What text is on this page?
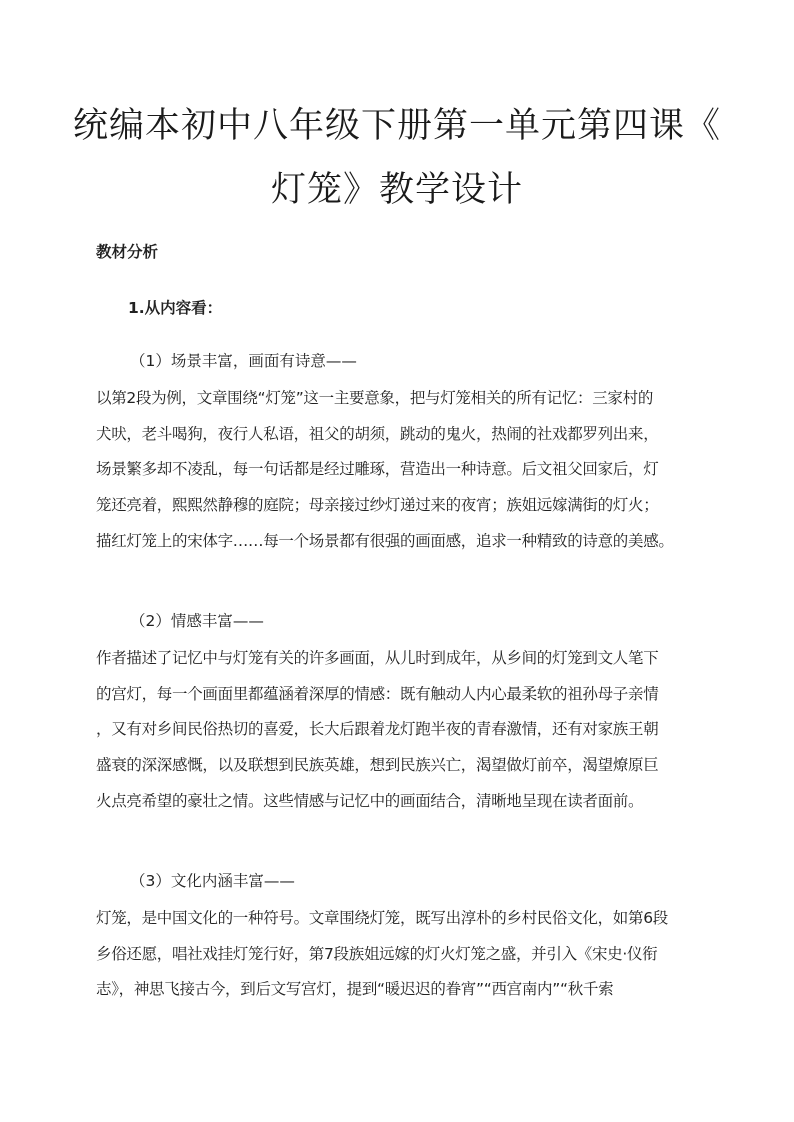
统编本初中八年级下册第一单元第四课《
灯笼》教学设计
教材分析
1.从内容看：
（1）场景丰富，画面有诗意——
以第2段为例，文章围绕“灯笼”这一主要意象，把与灯笼相关的所有记忆：三家村的
犬吠，老斗喝狗，夜行人私语，祖父的胡须，跳动的鬼火，热闹的社戏都罗列出来，
场景繁多却不凌乱，每一句话都是经过雕琢，营造出一种诗意。后文祖父回家后，灯
笼还亮着，熙熙然静穆的庭院；母亲接过纱灯递过来的夜宵；族姐远嫁满街的灯火；
描红灯笼上的宋体字……每一个场景都有很强的画面感，追求一种精致的诗意的美感。
（2）情感丰富——
作者描述了记忆中与灯笼有关的许多画面，从儿时到成年，从乡间的灯笼到文人笔下
的宫灯，每一个画面里都蕴涵着深厚的情感：既有触动人内心最柔软的祖孙母子亲情
，又有对乡间民俗热切的喜爱，长大后跟着龙灯跑半夜的青春激情，还有对家族王朝
盛衰的深深感慨，以及联想到民族英雄，想到民族兴亡，渴望做灯前卒，渴望燎原巨
火点亮希望的豪壮之情。这些情感与记忆中的画面结合，清晰地呈现在读者面前。
（3）文化内涵丰富——
灯笼，是中国文化的一种符号。文章围绕灯笼，既写出淳朴的乡村民俗文化，如第6段
乡俗还愿，唱社戏挂灯笼行好，第7段族姐远嫁的灯火灯笼之盛，并引入《宋史·仪衔
志》，神思飞接古今，到后文写宫灯，提到“暖迟迟的眷宵”“西宫南内”“秋千索
